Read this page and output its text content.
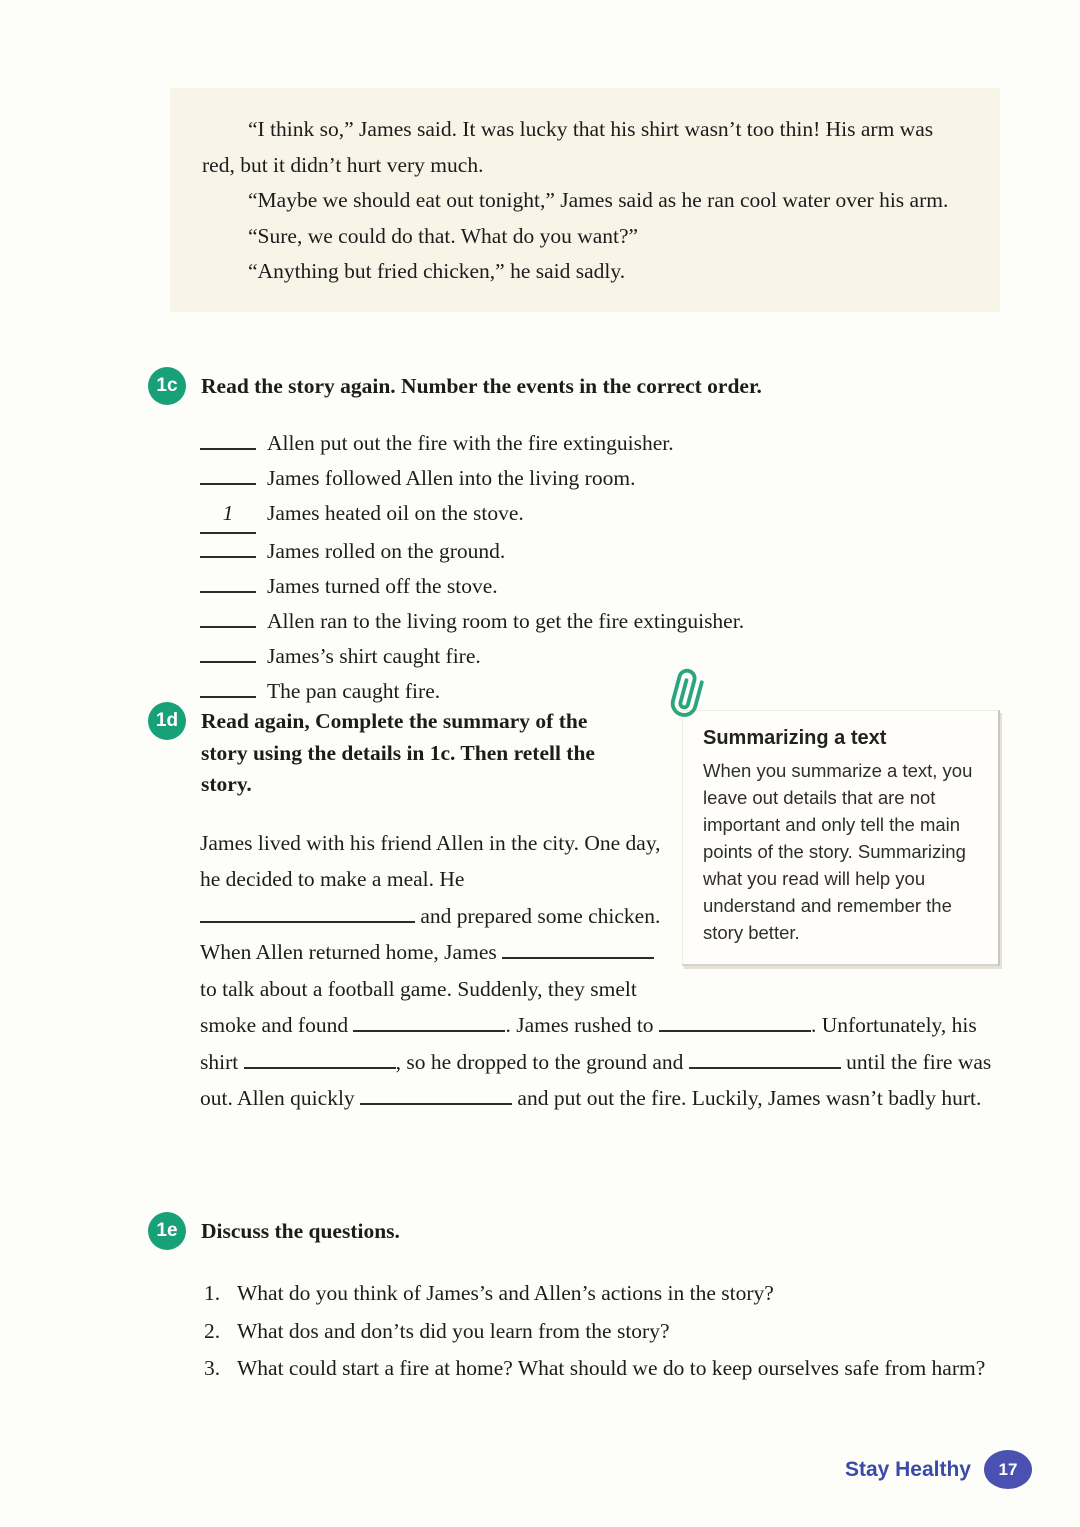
“I think so,” James said. It was lucky that his shirt wasn’t too thin! His arm was red, but it didn’t hurt very much.

“Maybe we should eat out tonight,” James said as he ran cool water over his arm.

“Sure, we could do that. What do you want?”

“Anything but fried chicken,” he said sadly.

1c	Read the story again. Number the events in the correct order.
Allen put out the fire with the fire extinguisher.
James followed Allen into the living room.
1 James heated oil on the stove.
James rolled on the ground.
James turned off the stove.
Allen ran to the living room to get the fire extinguisher.
James’s shirt caught fire.
The pan caught fire.

Summarizing a text

When you summarize a text, you leave out details that are not important and only tell the main points of the story. Summarizing what you read will help you understand and remember the story better.

1d	Read again, Complete the summary of the story using the details in 1c. Then retell the story.

James lived with his friend Allen in the city. One day, he decided to make a meal. He  and prepared some chicken. When Allen returned home, James  to talk about a football game. Suddenly, they smelt smoke and found	. James rushed to	. Unfortunately, his shirt	, so he dropped to the ground and	until the fire was out. Allen quickly	and put out the fire. Luckily, James wasn’t badly hurt.

1e	Discuss the questions.
1. What do you think of James’s and Allen’s actions in the story?
2. What dos and don’ts did you learn from the story?
3. What could start a fire at home? What should we do to keep ourselves safe from harm?
Stay Healthy	17
